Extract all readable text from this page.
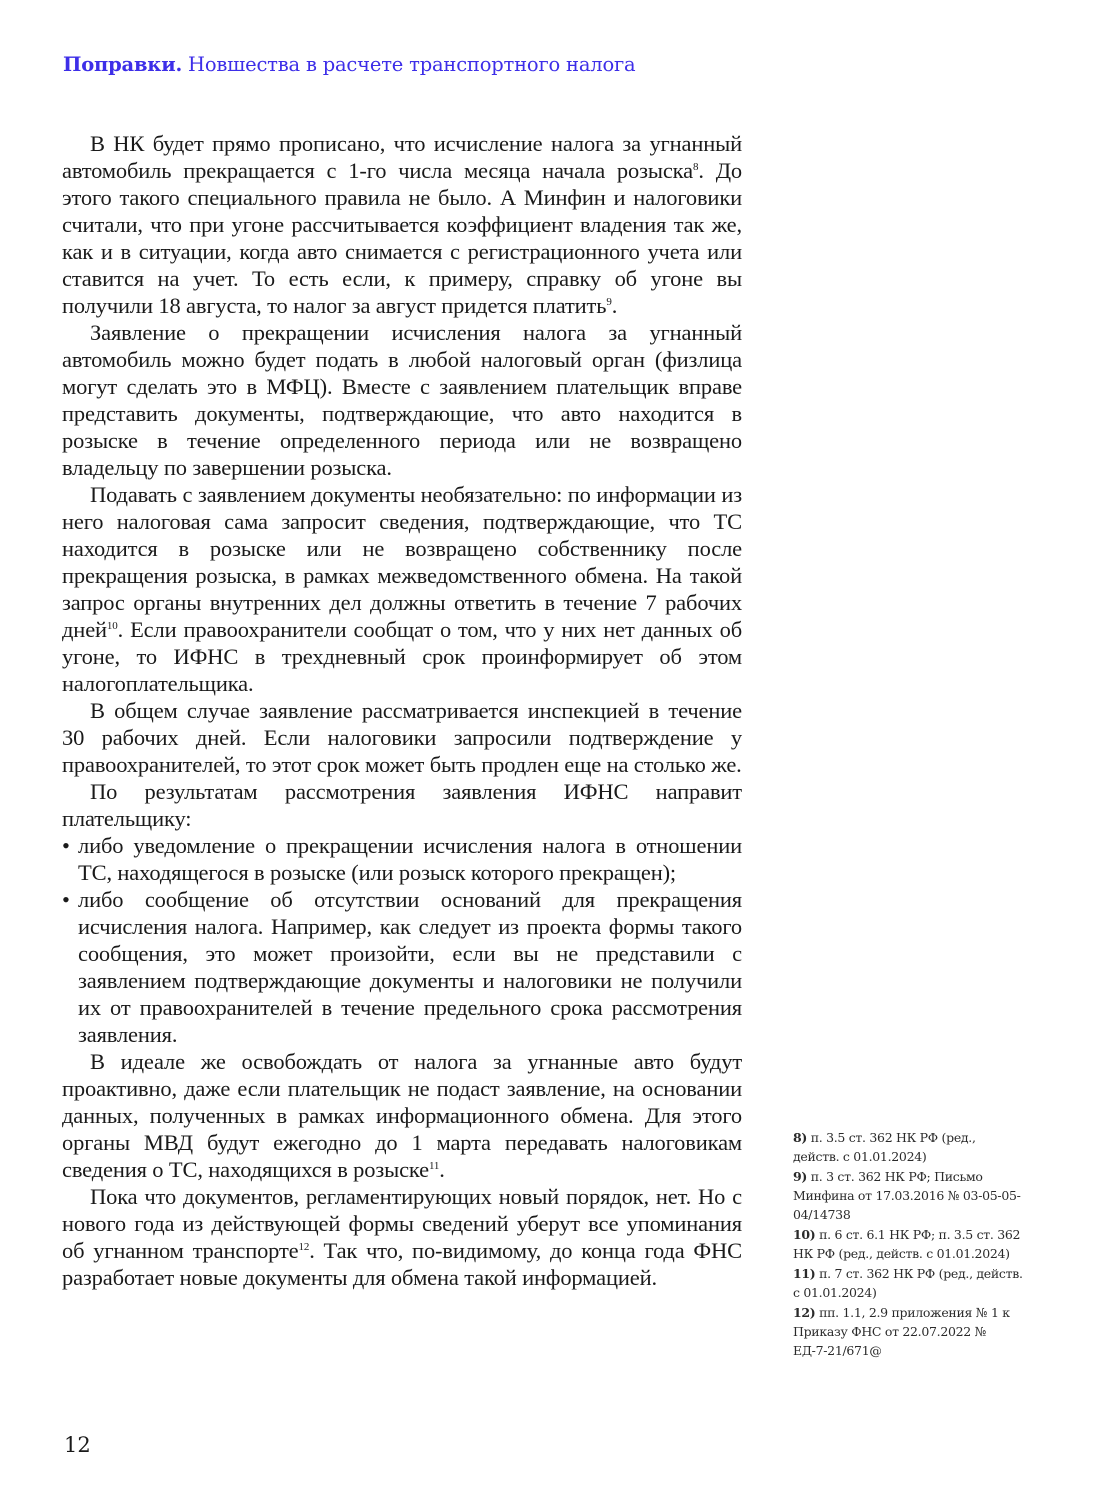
Поправки. Новшества в расчете транспортного налога

В НК будет прямо прописано, что исчисление налога за угнанный автомобиль прекращается с 1-го числа месяца начала розыска$^8$. До этого такого специального правила не было. А Минфин и налоговики считали, что при угоне рассчитывается коэффициент владения так же, как и в ситуации, когда авто снимается с регистрационного учета или ставится на учет. То есть если, к примеру, справку об угоне вы получили 18 августа, то налог за август придется платить$^9$.

Заявление о прекращении исчисления налога за угнанный автомобиль можно будет подать в любой налоговый орган (физлица могут сделать это в МФЦ). Вместе с заявлением плательщик вправе представить документы, подтверждающие, что авто находится в розыске в течение определенного периода или не возвращено владельцу по завершении розыска.

Подавать с заявлением документы необязательно: по информации из него налоговая сама запросит сведения, подтверждающие, что ТС находится в розыске или не возвращено собственнику после прекращения розыска, в рамках межведомственного обмена. На такой запрос органы внутренних дел должны ответить в течение 7 рабочих дней$^{10}$. Если правоохранители сообщат о том, что у них нет данных об угоне, то ИФНС в трехдневный срок проинформирует об этом налогоплательщика.

В общем случае заявление рассматривается инспекцией в течение 30 рабочих дней. Если налоговики запросили подтверждение у правоохранителей, то этот срок может быть продлен еще на столько же.

По результатам рассмотрения заявления ИФНС направит плательщику:

• либо уведомление о прекращении исчисления налога в отношении ТС, находящегося в розыске (или розыск которого прекращен);
• либо сообщение об отсутствии оснований для прекращения исчисления налога. Например, как следует из проекта формы такого сообщения, это может произойти, если вы не представили с заявлением подтверждающие документы и налоговики не получили их от правоохранителей в течение предельного срока рассмотрения заявления.

В идеале же освобождать от налога за угнанные авто будут проактивно, даже если плательщик не подаст заявление, на основании данных, полученных в рамках информационного обмена. Для этого органы МВД будут ежегодно до 1 марта передавать налоговикам сведения о ТС, находящихся в розыске$^{11}$.

Пока что документов, регламентирующих новый порядок, нет. Но с нового года из действующей формы сведений уберут все упоминания об угнанном транспорте$^{12}$. Так что, по-видимому, до конца года ФНС разработает новые документы для обмена такой информацией.

8) п. 3.5 ст. 362 НК РФ (ред., действ. с 01.01.2024)
9) п. 3 ст. 362 НК РФ; Письмо Минфина от 17.03.2016 № 03-05-05-04/14738
10) п. 6 ст. 6.1 НК РФ; п. 3.5 ст. 362 НК РФ (ред., действ. с 01.01.2024)
11) п. 7 ст. 362 НК РФ (ред., действ. с 01.01.2024)
12) пп. 1.1, 2.9 приложения № 1 к Приказу ФНС от 22.07.2022 № ЕД-7-21/671@
12
